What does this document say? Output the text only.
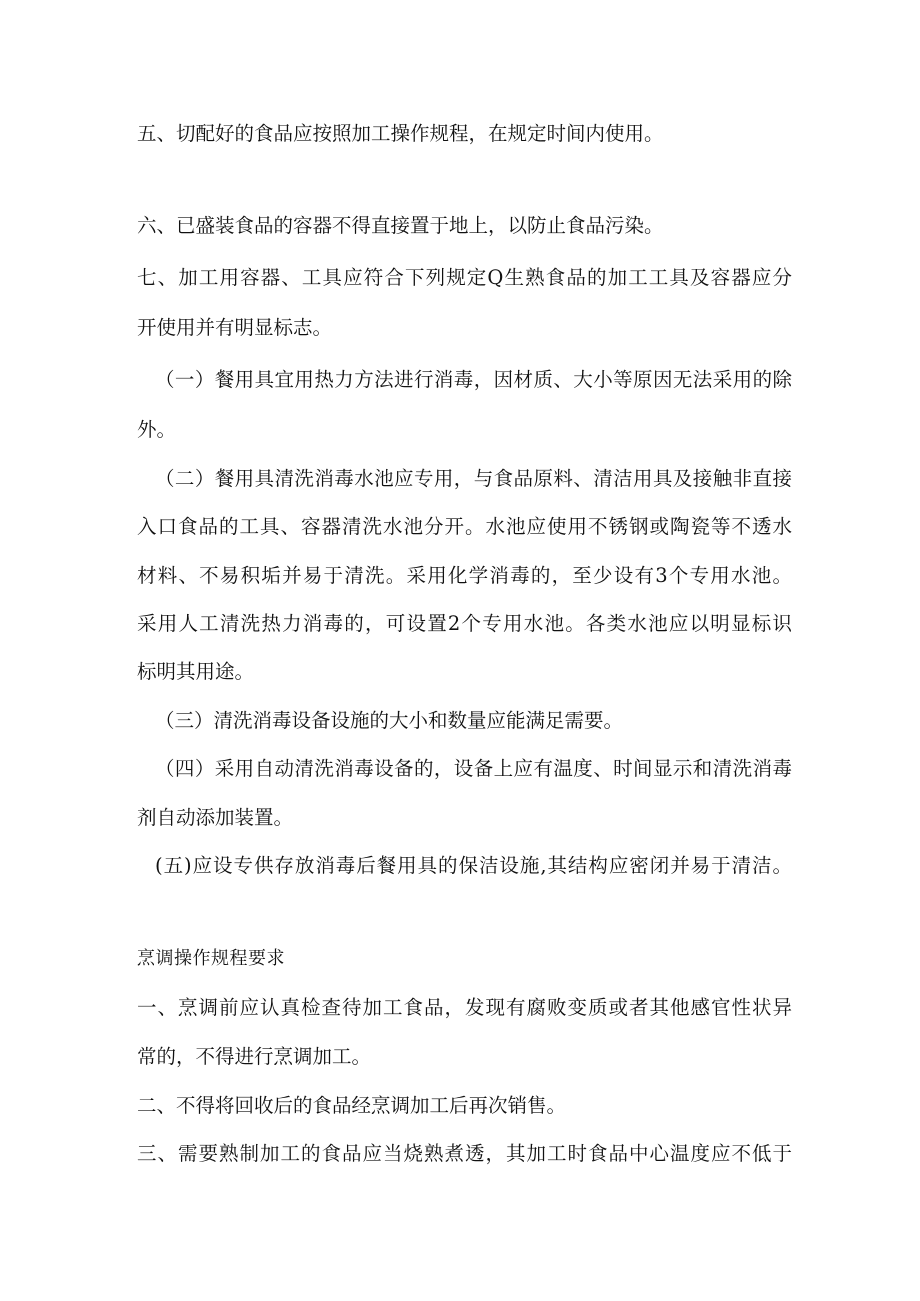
五、切配好的食品应按照加工操作规程，在规定时间内使用。
六、已盛装食品的容器不得直接置于地上，以防止食品污染。
七、加工用容器、工具应符合下列规定Q生熟食品的加工工具及容器应分
开使用并有明显标志。
（一）餐用具宜用热力方法进行消毒，因材质、大小等原因无法采用的除
外。
（二）餐用具清洗消毒水池应专用，与食品原料、清洁用具及接触非直接
入口食品的工具、容器清洗水池分开。水池应使用不锈钢或陶瓷等不透水
材料、不易积垢并易于清洗。采用化学消毒的，至少设有3个专用水池。
采用人工清洗热力消毒的，可设置2个专用水池。各类水池应以明显标识
标明其用途。
（三）清洗消毒设备设施的大小和数量应能满足需要。
（四）采用自动清洗消毒设备的，设备上应有温度、时间显示和清洗消毒
剂自动添加装置。
(五)应设专供存放消毒后餐用具的保洁设施,其结构应密闭并易于清洁。
烹调操作规程要求
一、烹调前应认真检查待加工食品，发现有腐败变质或者其他感官性状异
常的，不得进行烹调加工。
二、不得将回收后的食品经烹调加工后再次销售。
三、需要熟制加工的食品应当烧熟煮透，其加工时食品中心温度应不低于
